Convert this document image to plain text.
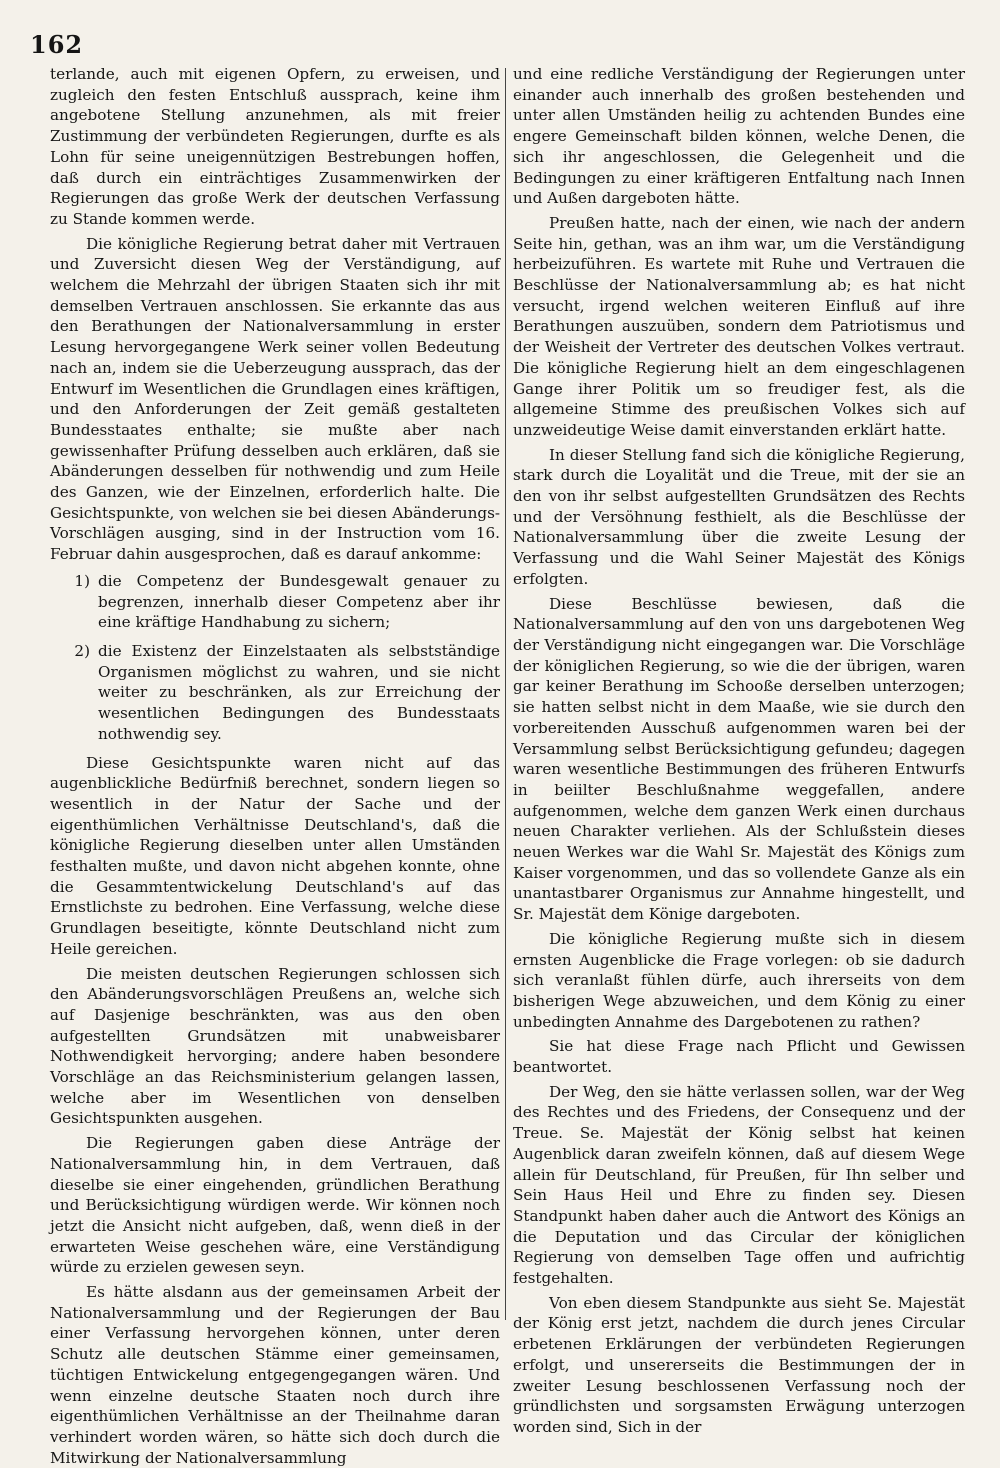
162

terlande, auch mit eigenen Opfern, zu erweisen, und zugleich den festen Entschluß aussprach, keine ihm angebotene Stellung anzunehmen, als mit freier Zustimmung der verbündeten Regierungen, durfte es als Lohn für seine uneigennützigen Bestrebungen hoffen, daß durch ein einträchtiges Zusammenwirken der Regierungen das große Werk der deutschen Verfassung zu Stande kommen werde.

Die königliche Regierung betrat daher mit Vertrauen und Zuversicht diesen Weg der Verständigung, auf welchem die Mehrzahl der übrigen Staaten sich ihr mit demselben Vertrauen anschlossen. Sie erkannte das aus den Berathungen der Nationalversammlung in erster Lesung hervorgegangene Werk seiner vollen Bedeutung nach an, indem sie die Ueberzeugung aussprach, das der Entwurf im Wesentlichen die Grundlagen eines kräftigen, und den Anforderungen der Zeit gemäß gestalteten Bundesstaates enthalte; sie mußte aber nach gewissenhafter Prüfung desselben auch erklären, daß sie Abänderungen desselben für nothwendig und zum Heile des Ganzen, wie der Einzelnen, erforderlich halte. Die Gesichtspunkte, von welchen sie bei diesen Abänderungs-Vorschlägen ausging, sind in der Instruction vom 16. Februar dahin ausgesprochen, daß es darauf ankomme:

1) die Competenz der Bundesgewalt genauer zu begrenzen, innerhalb dieser Competenz aber ihr eine kräftige Handhabung zu sichern;

2) die Existenz der Einzelstaaten als selbstständige Organismen möglichst zu wahren, und sie nicht weiter zu beschränken, als zur Erreichung der wesentlichen Bedingungen des Bundesstaats nothwendig sey.

Diese Gesichtspunkte waren nicht auf das augenblickliche Bedürfniß berechnet, sondern liegen so wesentlich in der Natur der Sache und der eigenthümlichen Verhältnisse Deutschland's, daß die königliche Regierung dieselben unter allen Umständen festhalten mußte, und davon nicht abgehen konnte, ohne die Gesammtentwickelung Deutschland's auf das Ernstlichste zu bedrohen. Eine Verfassung, welche diese Grundlagen beseitigte, könnte Deutschland nicht zum Heile gereichen.

Die meisten deutschen Regierungen schlossen sich den Abänderungsvorschlägen Preußens an, welche sich auf Dasjenige beschränkten, was aus den oben aufgestellten Grundsätzen mit unabweisbarer Nothwendigkeit hervorging; andere haben besondere Vorschläge an das Reichsministerium gelangen lassen, welche aber im Wesentlichen von denselben Gesichtspunkten ausgehen.

Die Regierungen gaben diese Anträge der Nationalversammlung hin, in dem Vertrauen, daß dieselbe sie einer eingehenden, gründlichen Berathung und Berücksichtigung würdigen werde. Wir können noch jetzt die Ansicht nicht aufgeben, daß, wenn dieß in der erwarteten Weise geschehen wäre, eine Verständigung würde zu erzielen gewesen seyn.

Es hätte alsdann aus der gemeinsamen Arbeit der Nationalversammlung und der Regierungen der Bau einer Verfassung hervorgehen können, unter deren Schutz alle deutschen Stämme einer gemeinsamen, tüchtigen Entwickelung entgegengegangen wären. Und wenn einzelne deutsche Staaten noch durch ihre eigenthümlichen Verhältnisse an der Theilnahme daran verhindert worden wären, so hätte sich doch durch die Mitwirkung der Nationalversammlung

und eine redliche Verständigung der Regierungen unter einander auch innerhalb des großen bestehenden und unter allen Umständen heilig zu achtenden Bundes eine engere Gemeinschaft bilden können, welche Denen, die sich ihr angeschlossen, die Gelegenheit und die Bedingungen zu einer kräftigeren Entfaltung nach Innen und Außen dargeboten hätte.

Preußen hatte, nach der einen, wie nach der andern Seite hin, gethan, was an ihm war, um die Verständigung herbeizuführen. Es wartete mit Ruhe und Vertrauen die Beschlüsse der Nationalversammlung ab; es hat nicht versucht, irgend welchen weiteren Einfluß auf ihre Berathungen auszuüben, sondern dem Patriotismus und der Weisheit der Vertreter des deutschen Volkes vertraut. Die königliche Regierung hielt an dem eingeschlagenen Gange ihrer Politik um so freudiger fest, als die allgemeine Stimme des preußischen Volkes sich auf unzweideutige Weise damit einverstanden erklärt hatte.

In dieser Stellung fand sich die königliche Regierung, stark durch die Loyalität und die Treue, mit der sie an den von ihr selbst aufgestellten Grundsätzen des Rechts und der Versöhnung festhielt, als die Beschlüsse der Nationalversammlung über die zweite Lesung der Verfassung und die Wahl Seiner Majestät des Königs erfolgten.

Diese Beschlüsse bewiesen, daß die Nationalversammlung auf den von uns dargebotenen Weg der Verständigung nicht eingegangen war. Die Vorschläge der königlichen Regierung, so wie die der übrigen, waren gar keiner Berathung im Schooße derselben unterzogen; sie hatten selbst nicht in dem Maaße, wie sie durch den vorbereitenden Ausschuß aufgenommen waren bei der Versammlung selbst Berücksichtigung gefundeu; dagegen waren wesentliche Bestimmungen des früheren Entwurfs in beiilter Beschlußnahme weggefallen, andere aufgenommen, welche dem ganzen Werk einen durchaus neuen Charakter verliehen. Als der Schlußstein dieses neuen Werkes war die Wahl Sr. Majestät des Königs zum Kaiser vorgenommen, und das so vollendete Ganze als ein unantastbarer Organismus zur Annahme hingestellt, und Sr. Majestät dem Könige dargeboten.

Die königliche Regierung mußte sich in diesem ernsten Augenblicke die Frage vorlegen: ob sie dadurch sich veranlaßt fühlen dürfe, auch ihrerseits von dem bisherigen Wege abzuweichen, und dem König zu einer unbedingten Annahme des Dargebotenen zu rathen?

Sie hat diese Frage nach Pflicht und Gewissen beantwortet.

Der Weg, den sie hätte verlassen sollen, war der Weg des Rechtes und des Friedens, der Consequenz und der Treue. Se. Majestät der König selbst hat keinen Augenblick daran zweifeln können, daß auf diesem Wege allein für Deutschland, für Preußen, für Ihn selber und Sein Haus Heil und Ehre zu finden sey. Diesen Standpunkt haben daher auch die Antwort des Königs an die Deputation und das Circular der königlichen Regierung von demselben Tage offen und aufrichtig festgehalten.

Von eben diesem Standpunkte aus sieht Se. Majestät der König erst jetzt, nachdem die durch jenes Circular erbetenen Erklärungen der verbündeten Regierungen erfolgt, und unsererseits die Bestimmungen der in zweiter Lesung beschlossenen Verfassung noch der gründlichsten und sorgsamsten Erwägung unterzogen worden sind, Sich in der
